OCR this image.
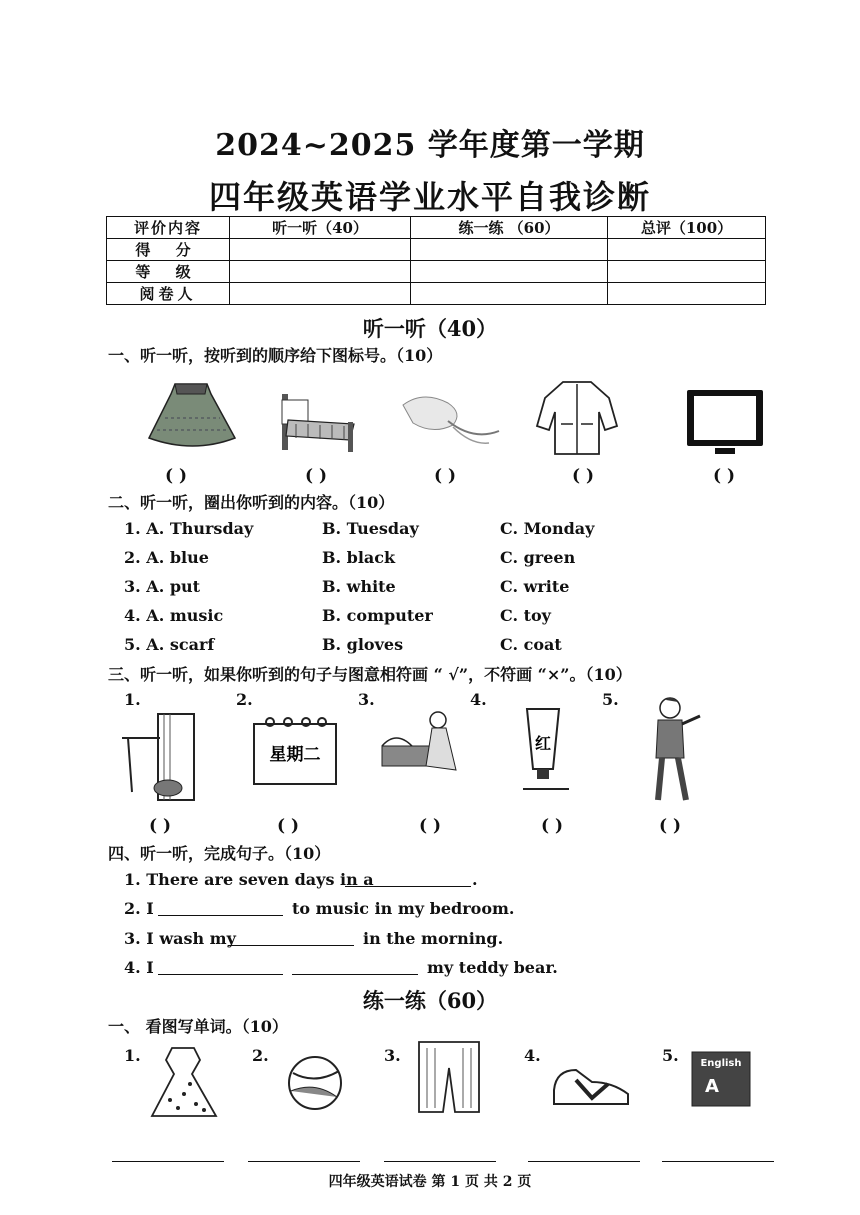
2024~2025 学年度第一学期
四年级英语学业水平自我诊断
评价内容	听一听（40）	练一练 （60）	总评（100）
得 分			
等 级			
阅卷人			
听一听（40）
一、听一听，按听到的顺序给下图标号。（10）
( )	( )	( )	( )	( )
二、听一听，圈出你听到的内容。（10）
1. A. Thursday	B. Tuesday	C. Monday
2. A. blue	B. black	C. green
3. A. put	B. white	C. write
4. A. music	B. computer	C. toy
5. A. scarf	B. gloves	C. coat
三、听一听，如果你听到的句子与图意相符画 “ √”，不符画 “×”。（10）
1.	2.	3.	4.	5.
星期二
红
( )	( )	( )	( )	( )
四、听一听，完成句子。（10）
1. There are seven days in a	.
2. I	to music in my bedroom.
3. I wash my	in the morning.
4. I	my teddy bear.
练一练（60）
一、 看图写单词。（10）
1.	2.	3.	4.	5. English
A
四年级英语试卷 第 1 页 共 2 页
